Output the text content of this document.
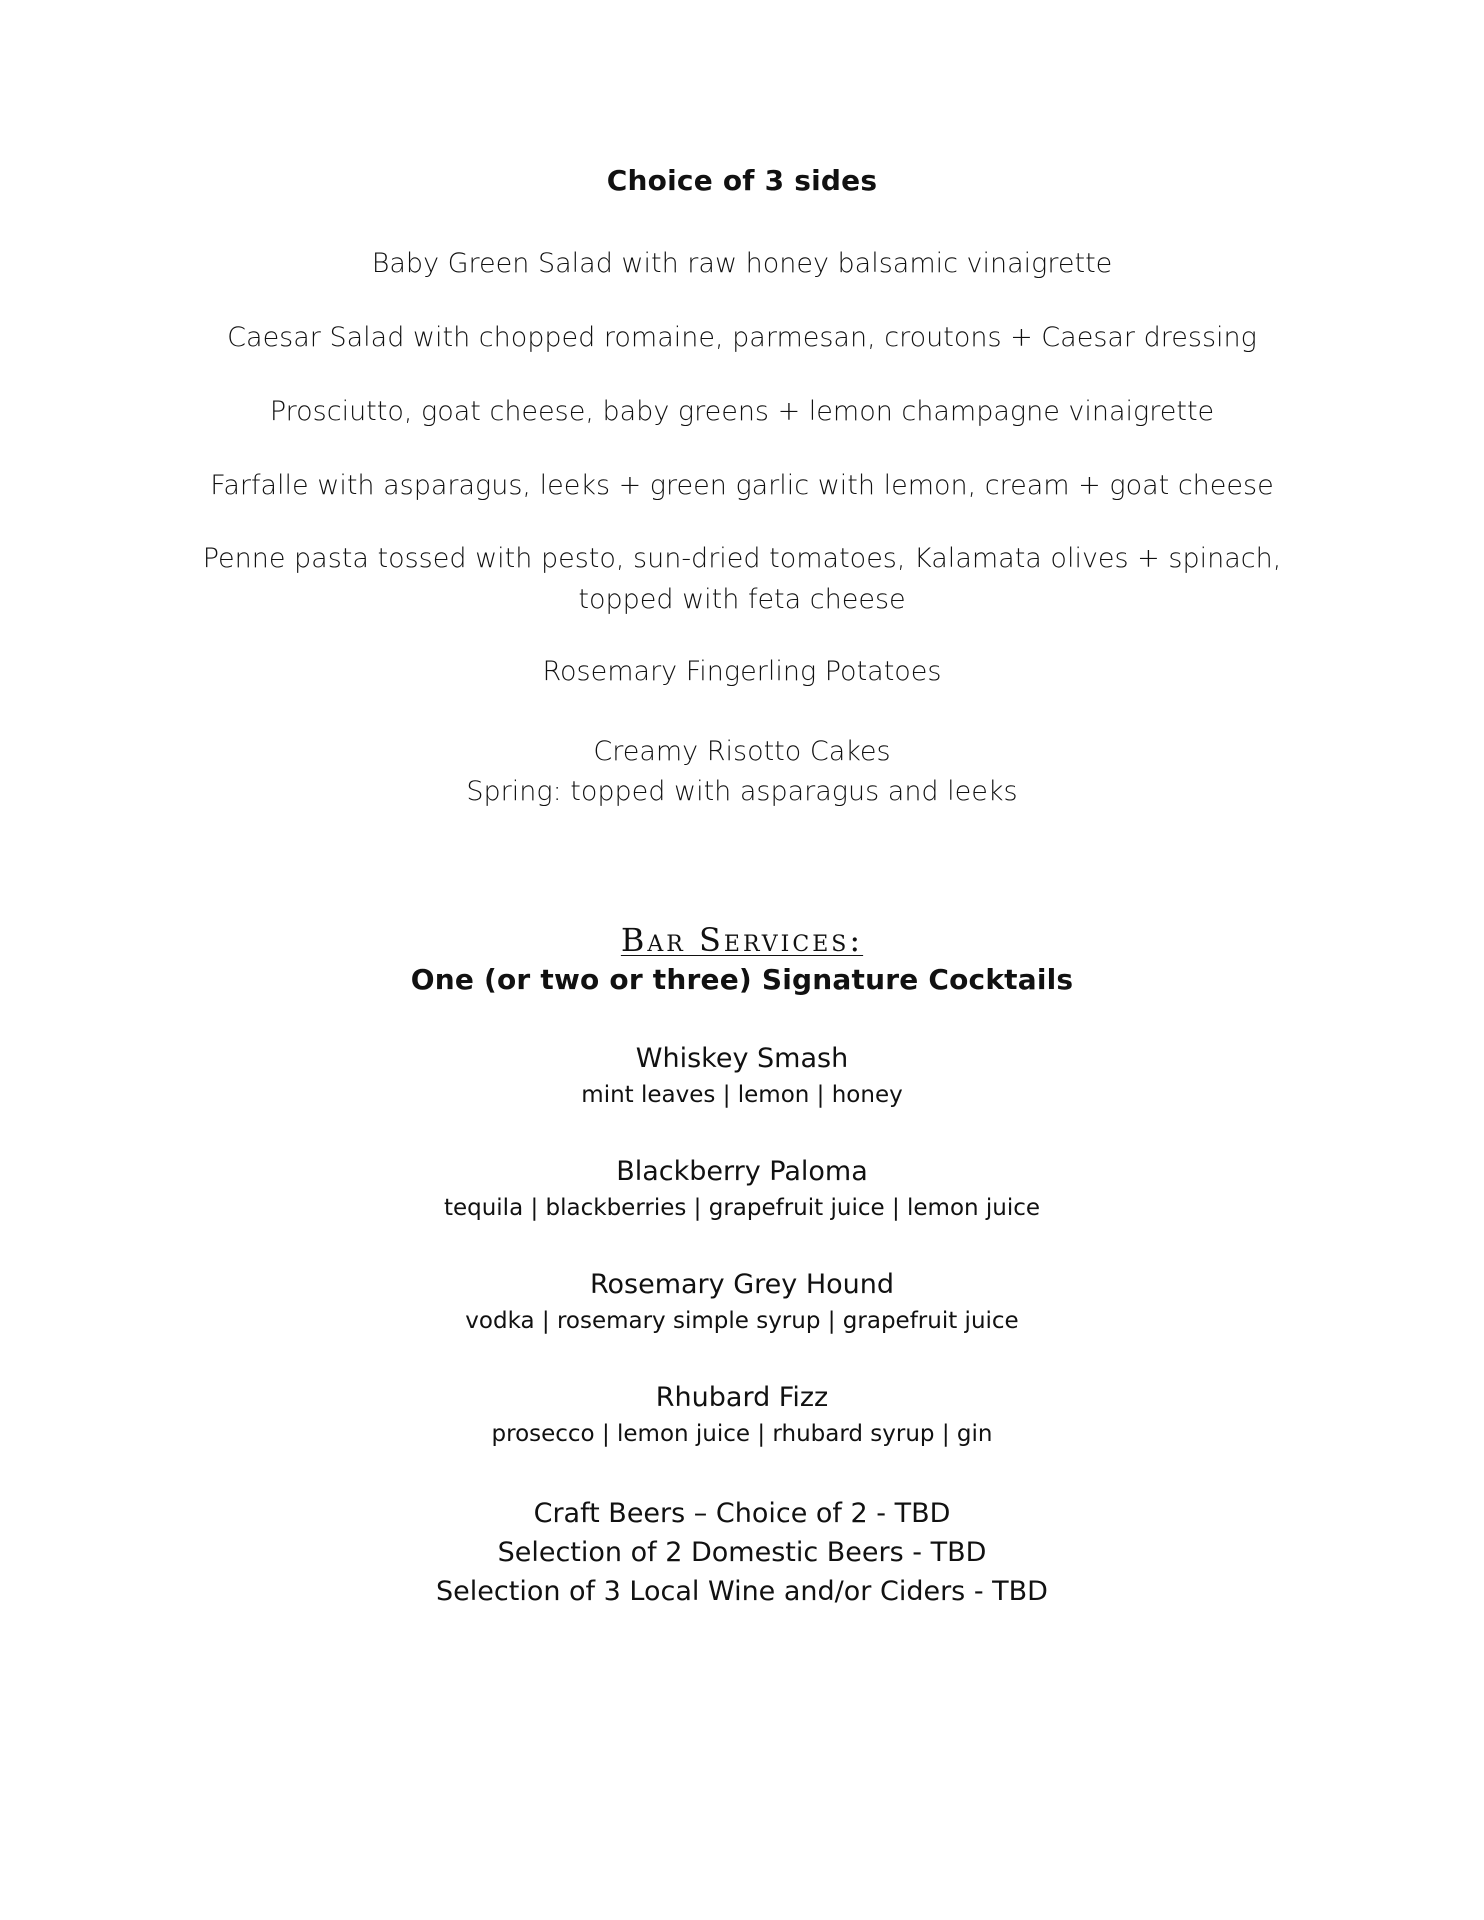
Choice of 3 sides
Baby Green Salad with raw honey balsamic vinaigrette
Caesar Salad with chopped romaine, parmesan, croutons + Caesar dressing
Prosciutto, goat cheese, baby greens + lemon champagne vinaigrette
Farfalle with asparagus, leeks + green garlic with lemon, cream + goat cheese
Penne pasta tossed with pesto, sun-dried tomatoes, Kalamata olives + spinach, topped with feta cheese
Rosemary Fingerling Potatoes
Creamy Risotto Cakes
Spring: topped with asparagus and leeks
Bar Services:
One (or two or three) Signature Cocktails
Whiskey Smash
mint leaves | lemon | honey
Blackberry Paloma
tequila | blackberries | grapefruit juice | lemon juice
Rosemary Grey Hound
vodka | rosemary simple syrup | grapefruit juice
Rhubard Fizz
prosecco | lemon juice | rhubard syrup | gin
Craft Beers – Choice of 2 - TBD
Selection of 2 Domestic Beers - TBD
Selection of 3 Local Wine and/or Ciders - TBD
